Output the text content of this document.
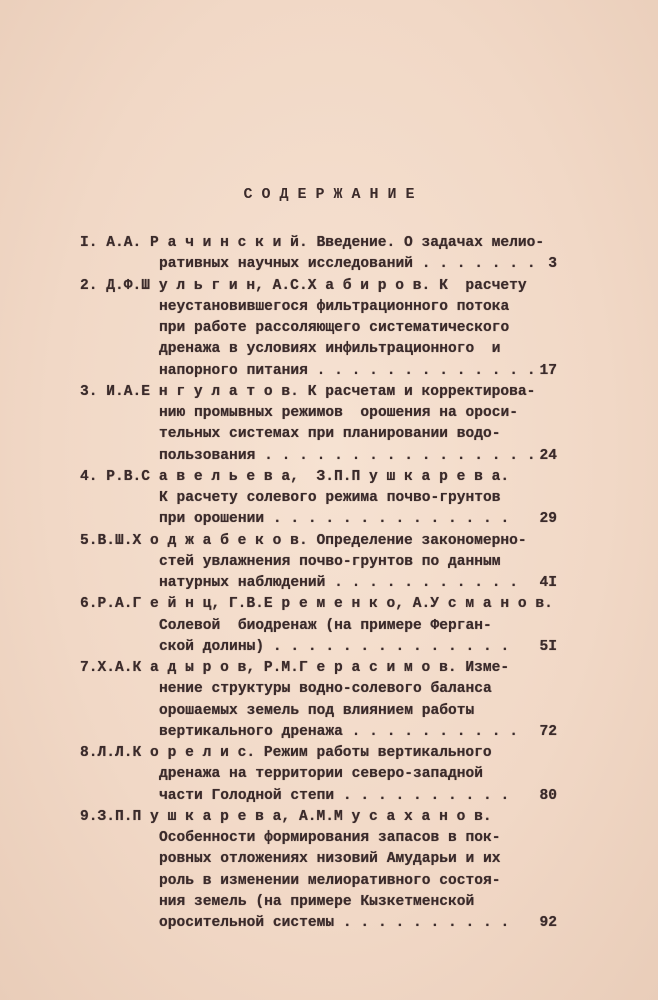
С О Д Е Р Ж А Н И Е
I. А.А. Р а ч и н с к и й. Введение. О задачах мелио-
ративных научных исследований . . . . . . . 3
2. Д.Ф.Ш у л ь г и н, А.С.Х а б и р о в. К  расчету
неустановившегося фильтрационного потока
при работе рассоляющего систематического
дренажа в условиях инфильтрационного  и
напорного питания . . . . . . . . . . . . . 17
3. И.А.Е н г у л а т о в. К расчетам и корректирова-
нию промывных режимов  орошения на ороси-
тельных системах при планировании водо-
пользования . . . . . . . . . . . . . . . . 24
4. Р.В.С а в е л ь е в а,  З.П.П у ш к а р е в а.
К расчету солевого режима почво-грунтов
при орошении . . . . . . . . . . . . . . 29
5.В.Ш.Х о д ж а б е к о в. Определение закономерно-
стей увлажнения почво-грунтов по данным
натурных наблюдений . . . . . . . . . . . 4I
6.Р.А.Г е й н ц, Г.В.Е р е м е н к о, А.У с м а н о в.
Солевой  биодренаж (на примере Ферган-
ской долины) . . . . . . . . . . . . . . 5I
7.Х.А.К а д ы р о в, Р.М.Г е р а с и м о в. Изме-
нение структуры водно-солевого баланса
орошаемых земель под влиянием работы
вертикального дренажа . . . . . . . . . . 72
8.Л.Л.К о р е л и с. Режим работы вертикального
дренажа на территории северо-западной
части Голодной степи . . . . . . . . . . 80
9.З.П.П у ш к а р е в а, А.М.М у с а х а н о в.
Особенности формирования запасов в пок-
ровных отложениях низовий Амударьи и их
роль в изменении мелиоративного состоя-
ния земель (на примере Кызкетменской
оросительной системы . . . . . . . . . . 92
